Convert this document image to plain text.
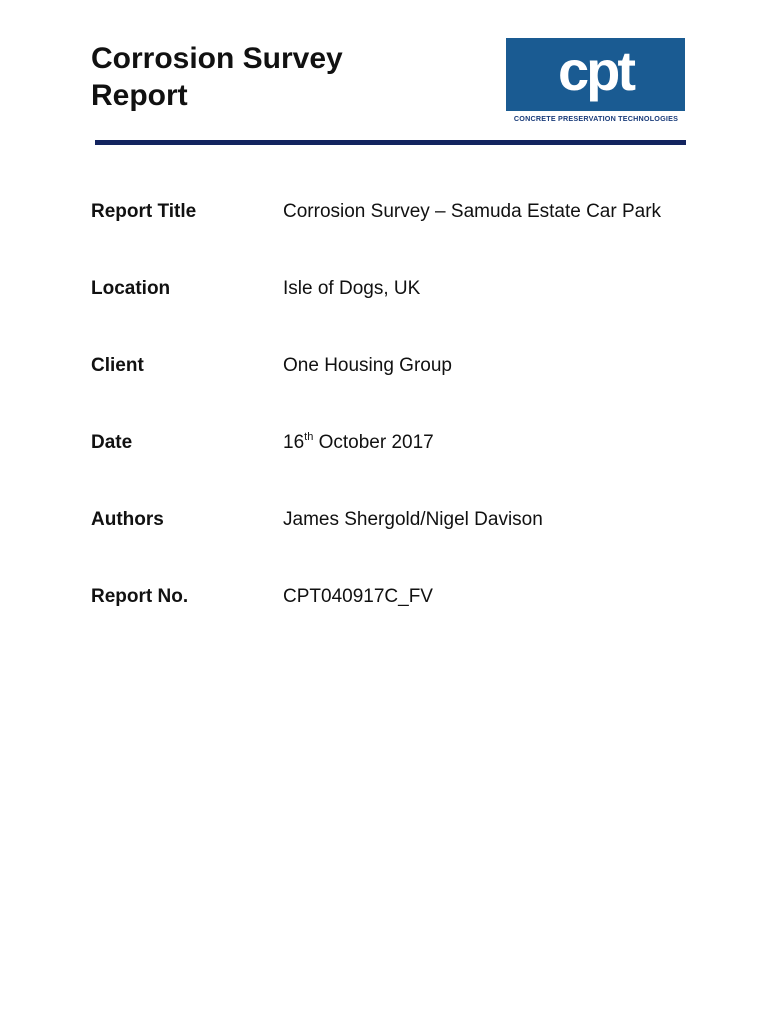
Corrosion Survey
Report	cpt
CONCRETE PRESERVATION TECHNOLOGIES
Report Title	Corrosion Survey – Samuda Estate Car Park
Location	Isle of Dogs, UK
Client	One Housing Group
Date	16th October 2017
Authors	James Shergold/Nigel Davison
Report No.	CPT040917C_FV
